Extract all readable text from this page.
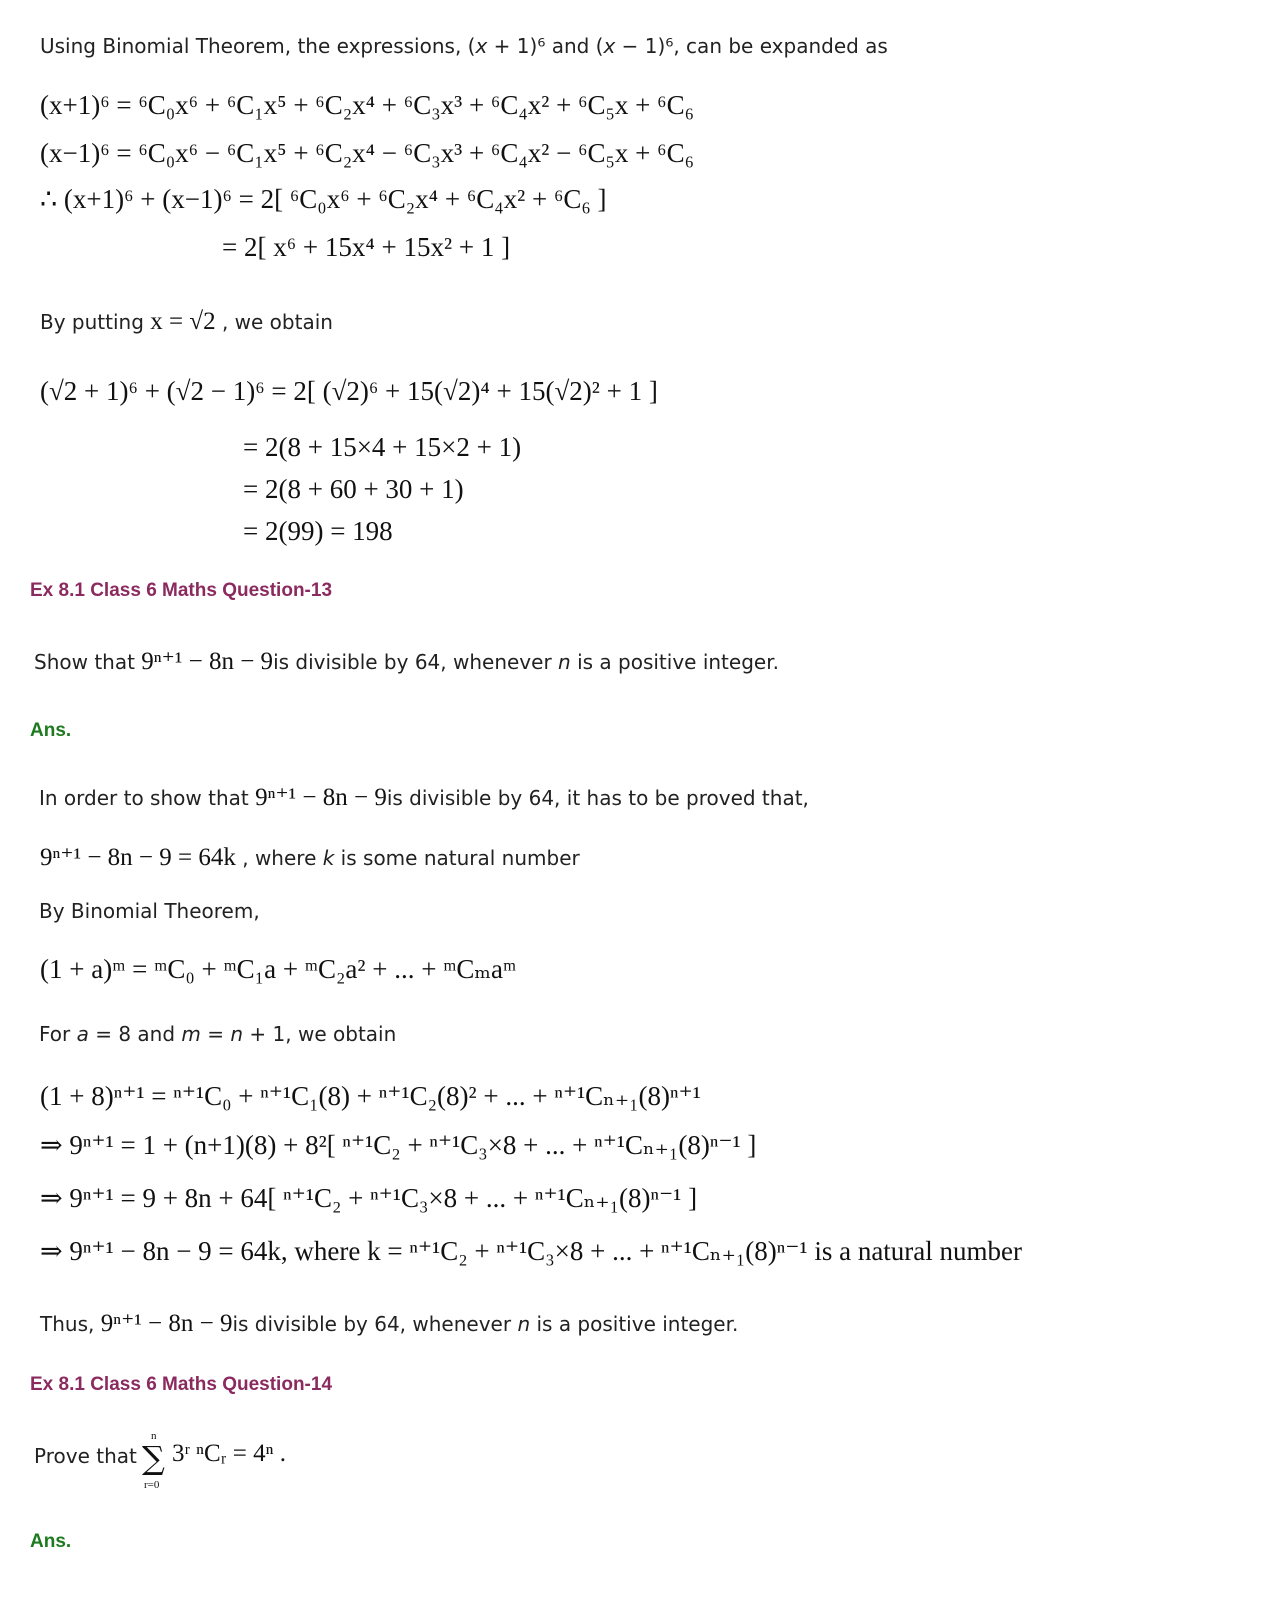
Using Binomial Theorem, the expressions, (x + 1)⁶ and (x − 1)⁶, can be expanded as
(x+1)⁶ = ⁶C₀x⁶ + ⁶C₁x⁵ + ⁶C₂x⁴ + ⁶C₃x³ + ⁶C₄x² + ⁶C₅x + ⁶C₆
(x−1)⁶ = ⁶C₀x⁶ − ⁶C₁x⁵ + ⁶C₂x⁴ − ⁶C₃x³ + ⁶C₄x² − ⁶C₅x + ⁶C₆
∴ (x+1)⁶ + (x−1)⁶ = 2[ ⁶C₀x⁶ + ⁶C₂x⁴ + ⁶C₄x² + ⁶C₆ ]
= 2[ x⁶ + 15x⁴ + 15x² + 1 ]
By putting x = √2 , we obtain
(√2 + 1)⁶ + (√2 − 1)⁶ = 2[ (√2)⁶ + 15(√2)⁴ + 15(√2)² + 1 ]
= 2(8 + 15×4 + 15×2 + 1)
= 2(8 + 60 + 30 + 1)
= 2(99) = 198
Ex 8.1 Class 6 Maths Question-13
Show that 9ⁿ⁺¹ − 8n − 9is divisible by 64, whenever n is a positive integer.
Ans.
In order to show that 9ⁿ⁺¹ − 8n − 9is divisible by 64, it has to be proved that,
9ⁿ⁺¹ − 8n − 9 = 64k , where k is some natural number
By Binomial Theorem,
(1 + a)ᵐ = ᵐC₀ + ᵐC₁a + ᵐC₂a² + ... + ᵐCₘaᵐ
For a = 8 and m = n + 1, we obtain
(1 + 8)ⁿ⁺¹ = ⁿ⁺¹C₀ + ⁿ⁺¹C₁(8) + ⁿ⁺¹C₂(8)² + ... + ⁿ⁺¹Cₙ₊₁(8)ⁿ⁺¹
⇒ 9ⁿ⁺¹ = 1 + (n+1)(8) + 8²[ ⁿ⁺¹C₂ + ⁿ⁺¹C₃×8 + ... + ⁿ⁺¹Cₙ₊₁(8)ⁿ⁻¹ ]
⇒ 9ⁿ⁺¹ = 9 + 8n + 64[ ⁿ⁺¹C₂ + ⁿ⁺¹C₃×8 + ... + ⁿ⁺¹Cₙ₊₁(8)ⁿ⁻¹ ]
⇒ 9ⁿ⁺¹ − 8n − 9 = 64k, where k = ⁿ⁺¹C₂ + ⁿ⁺¹C₃×8 + ... + ⁿ⁺¹Cₙ₊₁(8)ⁿ⁻¹ is a natural number
Thus, 9ⁿ⁺¹ − 8n − 9is divisible by 64, whenever n is a positive integer.
Ex 8.1 Class 6 Maths Question-14
Prove that
n
∑
r=0
3ʳ ⁿCᵣ = 4ⁿ .
Ans.
